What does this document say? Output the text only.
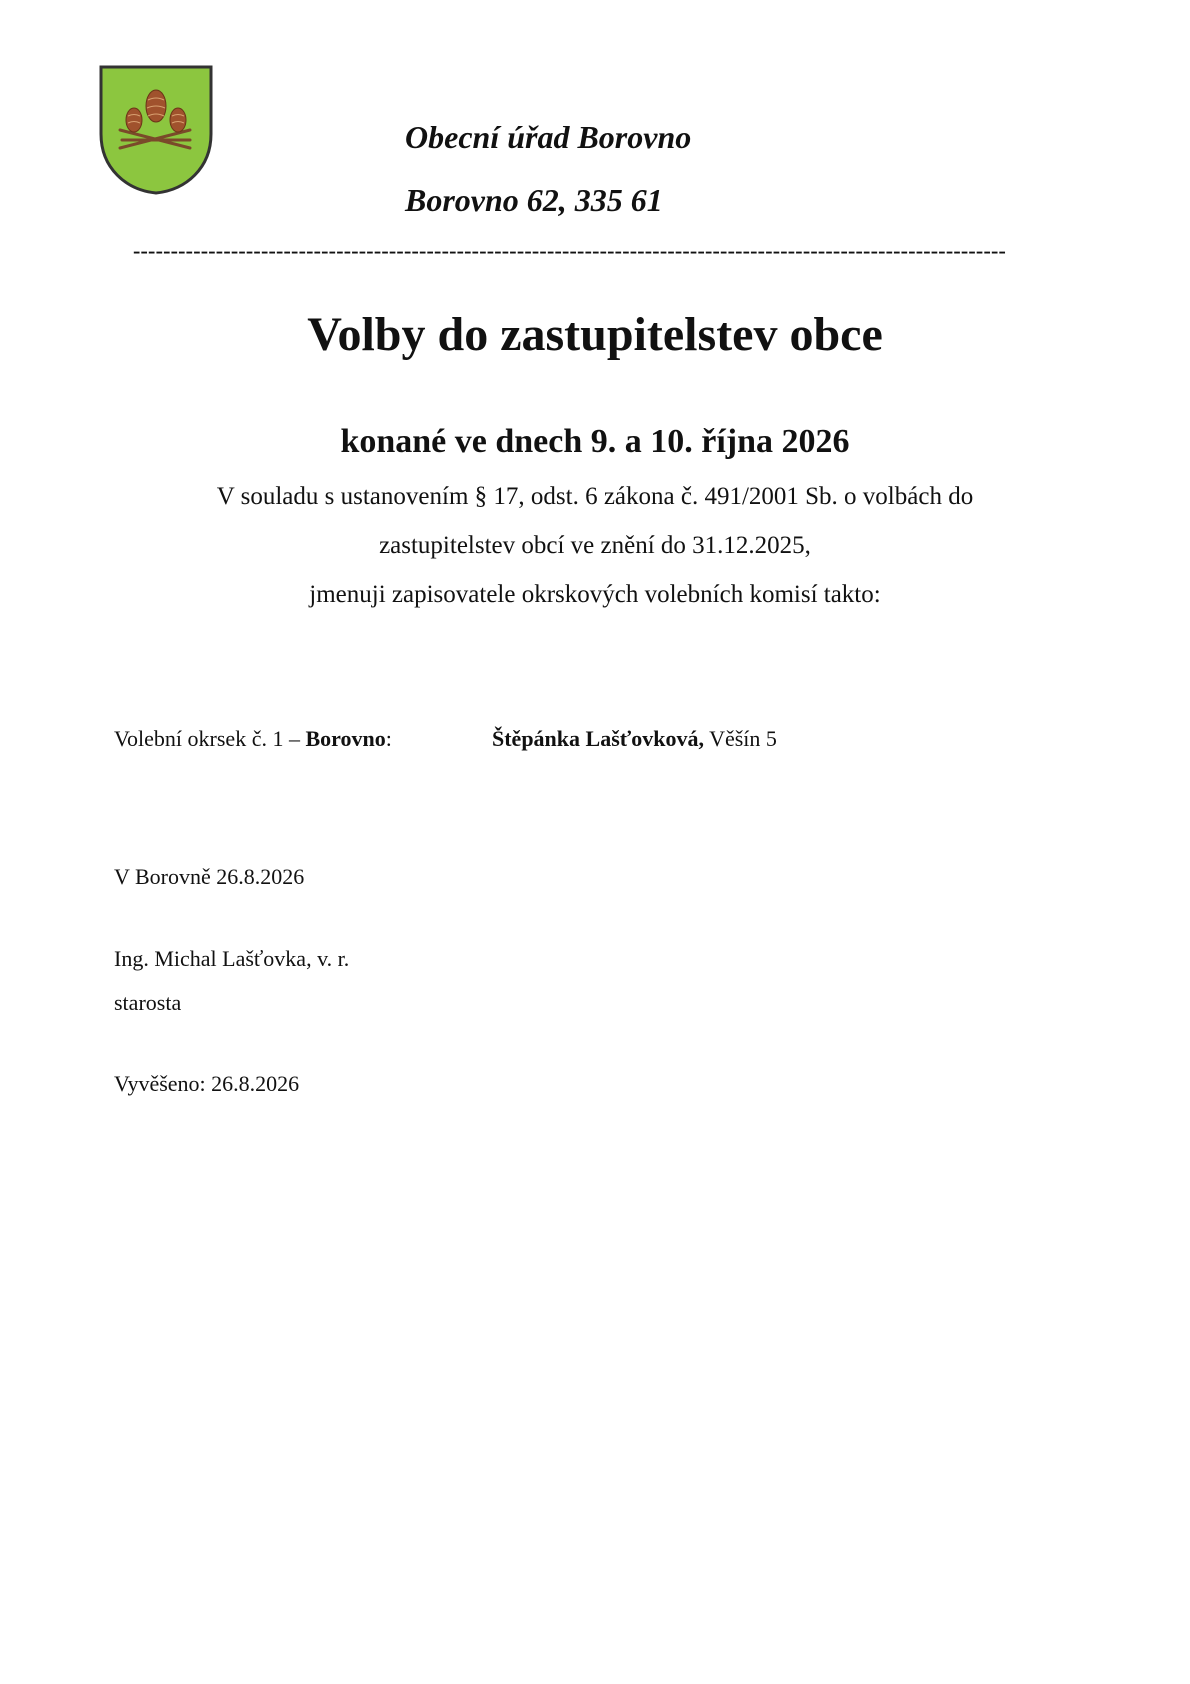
Obecní úřad Borovno
Borovno 62, 335 61
--------------------------------------------------------------------------------------------------------------------
Volby do zastupitelstev obce
konané ve dnech 9. a 10. října 2026
V souladu s ustanovením § 17, odst. 6 zákona č. 491/2001 Sb. o volbách do
zastupitelstev obcí ve znění do 31.12.2025,
jmenuji zapisovatele okrskových volebních komisí takto:
Volební okrsek č. 1 – Borovno:	Štěpánka Lašťovková, Věšín 5
V Borovně 26.8.2026
Ing. Michal Lašťovka, v. r.
starosta
Vyvěšeno: 26.8.2026
